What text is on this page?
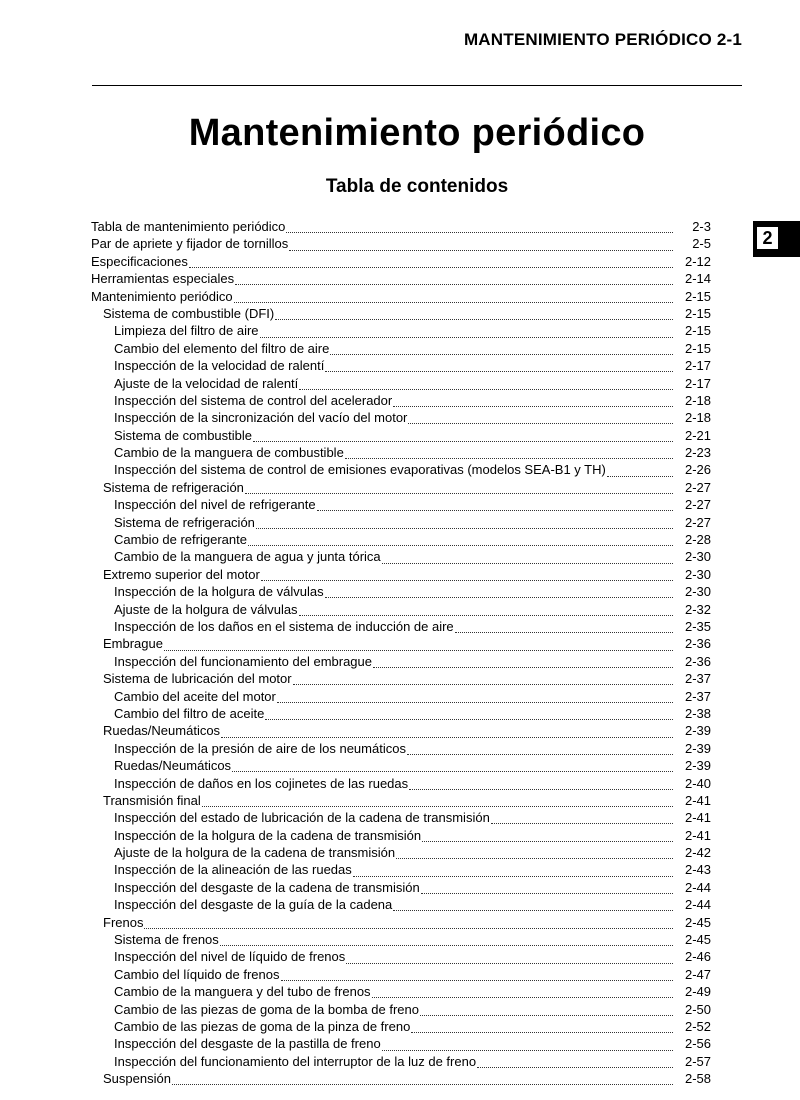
MANTENIMIENTO PERIÓDICO 2-1
Mantenimiento periódico
Tabla de contenidos
2
Tabla de mantenimiento periódico	2-3
Par de apriete y fijador de tornillos	2-5
Especificaciones	2-12
Herramientas especiales	2-14
Mantenimiento periódico	2-15
Sistema de combustible (DFI)	2-15
Limpieza del filtro de aire	2-15
Cambio del elemento del filtro de aire	2-15
Inspección de la velocidad de ralentí	2-17
Ajuste de la velocidad de ralentí	2-17
Inspección del sistema de control del acelerador	2-18
Inspección de la sincronización del vacío del motor	2-18
Sistema de combustible	2-21
Cambio de la manguera de combustible	2-23
Inspección del sistema de control de emisiones evaporativas (modelos SEA-B1 y TH)	2-26
Sistema de refrigeración	2-27
Inspección del nivel de refrigerante	2-27
Sistema de refrigeración	2-27
Cambio de refrigerante	2-28
Cambio de la manguera de agua y junta tórica	2-30
Extremo superior del motor	2-30
Inspección de la holgura de válvulas	2-30
Ajuste de la holgura de válvulas	2-32
Inspección de los daños en el sistema de inducción de aire	2-35
Embrague	2-36
Inspección del funcionamiento del embrague	2-36
Sistema de lubricación del motor	2-37
Cambio del aceite del motor	2-37
Cambio del filtro de aceite	2-38
Ruedas/Neumáticos	2-39
Inspección de la presión de aire de los neumáticos	2-39
Ruedas/Neumáticos	2-39
Inspección de daños en los cojinetes de las ruedas	2-40
Transmisión final	2-41
Inspección del estado de lubricación de la cadena de transmisión	2-41
Inspección de la holgura de la cadena de transmisión	2-41
Ajuste de la holgura de la cadena de transmisión	2-42
Inspección de la alineación de las ruedas	2-43
Inspección del desgaste de la cadena de transmisión	2-44
Inspección del desgaste de la guía de la cadena	2-44
Frenos	2-45
Sistema de frenos	2-45
Inspección del nivel de líquido de frenos	2-46
Cambio del líquido de frenos	2-47
Cambio de la manguera y del tubo de frenos	2-49
Cambio de las piezas de goma de la bomba de freno	2-50
Cambio de las piezas de goma de la pinza de freno	2-52
Inspección del desgaste de la pastilla de freno	2-56
Inspección del funcionamiento del interruptor de la luz de freno	2-57
Suspensión	2-58
